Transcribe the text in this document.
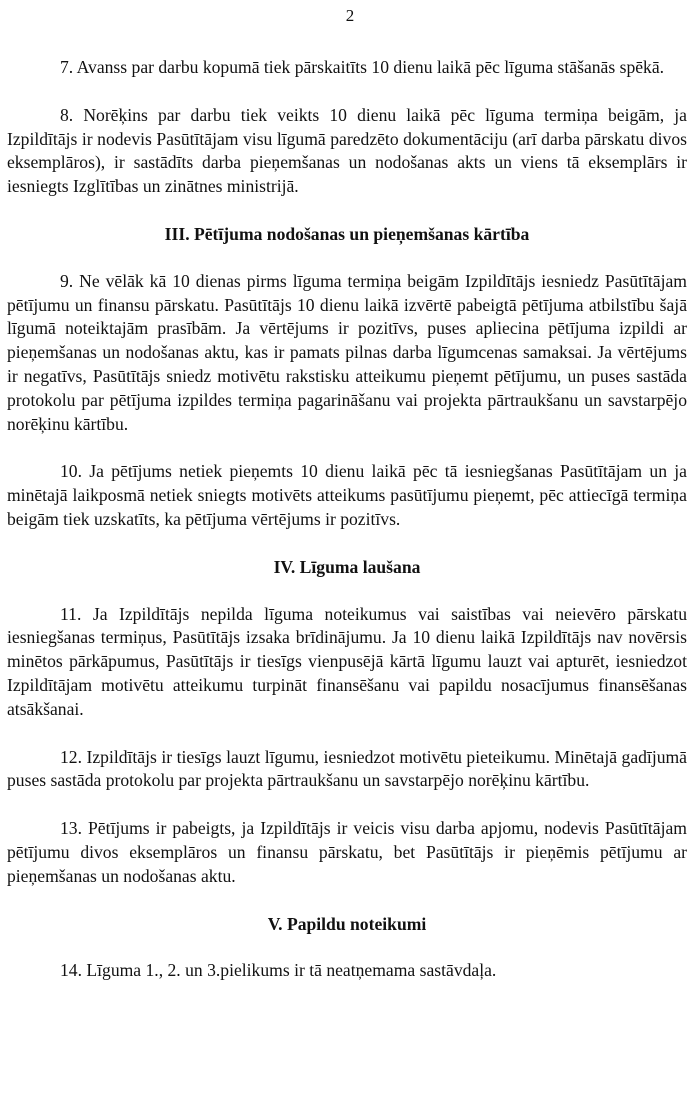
2

7. Avanss par darbu kopumā tiek pārskaitīts 10 dienu laikā pēc līguma stāšanās spēkā.

8. Norēķins par darbu tiek veikts 10 dienu laikā pēc līguma termiņa beigām, ja Izpildītājs ir nodevis Pasūtītājam visu līgumā paredzēto dokumentāciju (arī darba pārskatu divos eksemplāros), ir sastādīts darba pieņemšanas un nodošanas akts un viens tā eksemplārs ir iesniegts Izglītības un zinātnes ministrijā.

III. Pētījuma nodošanas un pieņemšanas kārtība

9. Ne vēlāk kā 10 dienas pirms līguma termiņa beigām Izpildītājs iesniedz Pasūtītājam pētījumu un finansu pārskatu. Pasūtītājs 10 dienu laikā izvērtē pabeigtā pētījuma atbilstību šajā līgumā noteiktajām prasībām. Ja vērtējums ir pozitīvs, puses apliecina pētījuma izpildi ar pieņemšanas un nodošanas aktu, kas ir pamats pilnas darba līgumcenas samaksai. Ja vērtējums ir negatīvs, Pasūtītājs sniedz motivētu rakstisku atteikumu pieņemt pētījumu, un puses sastāda protokolu par pētījuma izpildes termiņa pagarināšanu vai projekta pārtraukšanu un savstarpējo norēķinu kārtību.

10. Ja pētījums netiek pieņemts 10 dienu laikā pēc tā iesniegšanas Pasūtītājam un ja minētajā laikposmā netiek sniegts motivēts atteikums pasūtījumu pieņemt, pēc attiecīgā termiņa beigām tiek uzskatīts, ka pētījuma vērtējums ir pozitīvs.

IV. Līguma laušana

11. Ja Izpildītājs nepilda līguma noteikumus vai saistības vai neievēro pārskatu iesniegšanas termiņus, Pasūtītājs izsaka brīdinājumu. Ja 10 dienu laikā Izpildītājs nav novērsis minētos pārkāpumus, Pasūtītājs ir tiesīgs vienpusējā kārtā līgumu lauzt vai apturēt, iesniedzot Izpildītājam motivētu atteikumu turpināt finansēšanu vai papildu nosacījumus finansēšanas atsākšanai.

12. Izpildītājs ir tiesīgs lauzt līgumu, iesniedzot motivētu pieteikumu. Minētajā gadījumā puses sastāda protokolu par projekta pārtraukšanu un savstarpējo norēķinu kārtību.

13. Pētījums ir pabeigts, ja Izpildītājs ir veicis visu darba apjomu, nodevis Pasūtītājam pētījumu divos eksemplāros un finansu pārskatu, bet Pasūtītājs ir pieņēmis pētījumu ar pieņemšanas un nodošanas aktu.

V. Papildu noteikumi

14. Līguma 1., 2. un 3.pielikums ir tā neatņemama sastāvdaļa.
